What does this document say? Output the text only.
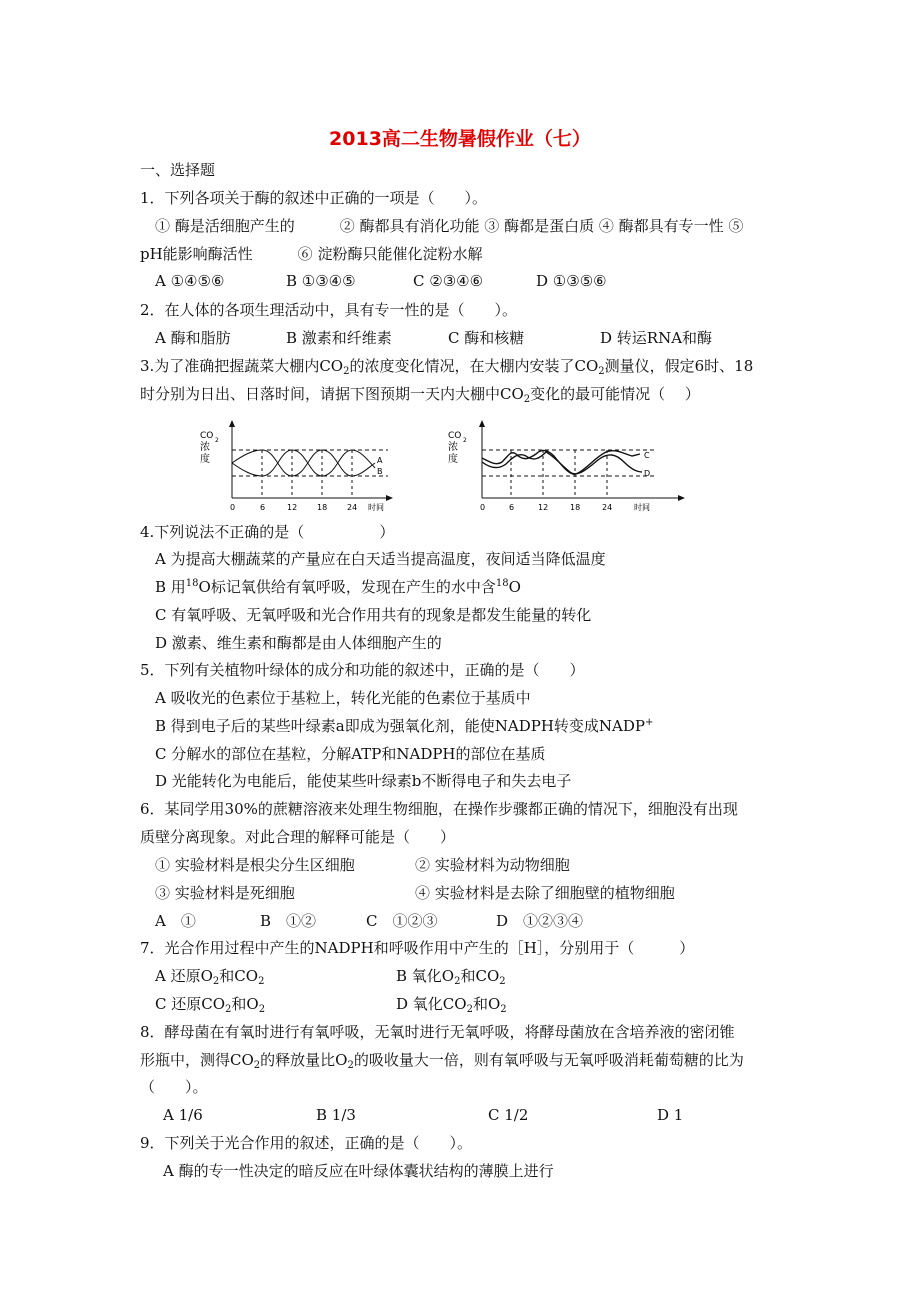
2013高二生物暑假作业（七）
一、选择题
1．下列各项关于酶的叙述中正确的一项是（　　）。
① 酶是活细胞产生的　　　② 酶都具有消化功能 ③ 酶都是蛋白质 ④ 酶都具有专一性 ⑤
pH能影响酶活性　　　⑥ 淀粉酶只能催化淀粉水解
A ①④⑤⑥	B ①③④⑤	C ②③④⑥	D ①③⑤⑥
2．在人体的各项生理活动中，具有专一性的是（　　）。
A 酶和脂肪	B 激素和纤维素	C 酶和核糖	D 转运RNA和酶
3.为了准确把握蔬菜大棚内$CO_2$的浓度变化情况，在大棚内安装了$CO_2$测量仪，假定6时、18
时分别为日出、日落时间，请据下图预期一天内大棚中$CO_2$变化的最可能情况（　 ）
CO 2
浓
度	A
B
0	6	12 18 24 时间
CO 2
浓
度	C
D
0	6	12	18	24	时间
4.下列说法不正确的是（　　　　　）
A 为提高大棚蔬菜的产量应在白天适当提高温度，夜间适当降低温度
B 用$^{18}$O标记氧供给有氧呼吸，发现在产生的水中含$^{18}$O
C 有氧呼吸、无氧呼吸和光合作用共有的现象是都发生能量的转化
D 激素、维生素和酶都是由人体细胞产生的
5．下列有关植物叶绿体的成分和功能的叙述中，正确的是（　　）
A 吸收光的色素位于基粒上，转化光能的色素位于基质中
B 得到电子后的某些叶绿素a即成为强氧化剂，能使NADPH转变成NADP+
C 分解水的部位在基粒，分解ATP和NADPH的部位在基质
D 光能转化为电能后，能使某些叶绿素b不断得电子和失去电子
6．某同学用30%的蔗糖溶液来处理生物细胞，在操作步骤都正确的情况下，细胞没有出现
质壁分离现象。对此合理的解释可能是（　　）
① 实验材料是根尖分生区细胞	② 实验材料为动物细胞
③ 实验材料是死细胞	④ 实验材料是去除了细胞壁的植物细胞
A　①	B　①②	C　①②③	D　①②③④
7．光合作用过程中产生的NADPH和呼吸作用中产生的［H］，分别用于（　　　）
A 还原$O_2$和$CO_2$	B 氧化$O_2$和$CO_2$
C 还原$CO_2$和$O_2$	D 氧化$CO_2$和$O_2$
8．酵母菌在有氧时进行有氧呼吸，无氧时进行无氧呼吸，将酵母菌放在含培养液的密闭锥
形瓶中，测得$CO_2$的释放量比$O_2$的吸收量大一倍，则有氧呼吸与无氧呼吸消耗葡萄糖的比为
（　　）。
A 1/6	B 1/3	C 1/2	D 1
9．下列关于光合作用的叙述，正确的是（　　）。
A 酶的专一性决定的暗反应在叶绿体囊状结构的薄膜上进行
